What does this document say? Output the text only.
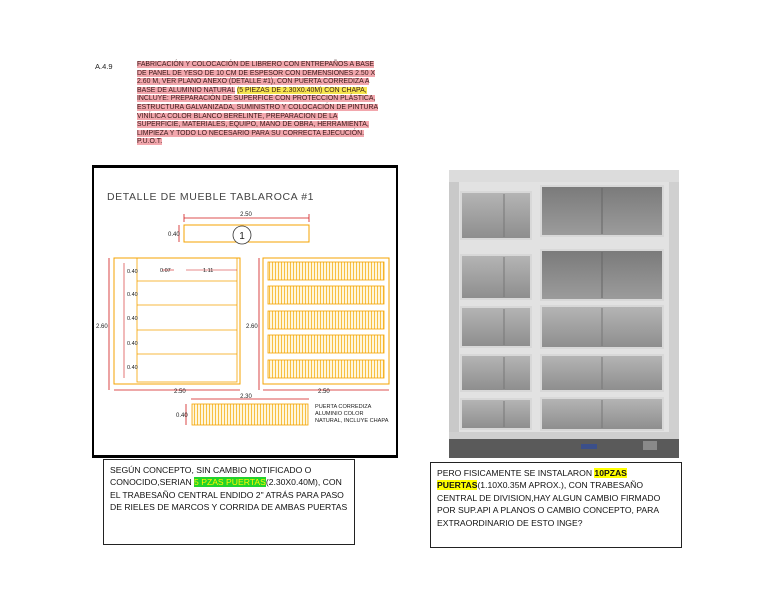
A.4.9	FABRICACIÓN Y COLOCACIÓN DE LIBRERO CON ENTREPAÑOS A BASE DE PANEL DE YESO DE 10 CM DE ESPESOR CON DEMENSIONES 2.50 X 2.60 M, VER PLANO ANEXO (DETALLE #1), CON PUERTA CORREDIZA A BASE DE ALUMINIO NATURAL (5 PIEZAS DE 2.30X0.40M) CON CHAPA, INCLUYE: PREPARACIÓN DE SUPERFICE CON PROTECCION PLÁSTICA, ESTRUCTURA GALVANIZADA, SUMINISTRO Y COLOCACIÓN DE PINTURA VINÍLICA COLOR BLANCO BERELINTE, PREPARACION DE LA SUPERFICIE, MATERIALES, EQUIPO, MANO DE OBRA, HERRAMIENTA, LIMPIEZA Y TODO LO NECESARIO PARA SU CORRECTA EJECUCIÓN. P.U.O.T.
DETALLE DE MUEBLE TABLAROCA #1
2.50
0.40	1
2.60
0.07	1.11
0.40
0.40
0.40
0.40
0.40
2.50
2.60
2.50
2.30
0.40
PUERTA CORREDIZA ALUMINIO COLOR NATURAL, INCLUYE CHAPA
SEGÚN CONCEPTO, SIN CAMBIO NOTIFICADO O CONOCIDO,SERIAN 5 PZAS PUERTAS(2.30X0.40M), CON EL TRABESAÑO CENTRAL ENDIDO 2" ATRÁS PARA PASO DE RIELES DE MARCOS Y CORRIDA DE AMBAS PUERTAS
PERO FISICAMENTE SE INSTALARON 10PZAS PUERTAS(1.10X0.35M APROX.), CON TRABESAÑO CENTRAL DE DIVISION,HAY ALGUN CAMBIO FIRMADO POR SUP.API A PLANOS O CAMBIO CONCEPTO, PARA EXTRAORDINARIO DE ESTO INGE?
